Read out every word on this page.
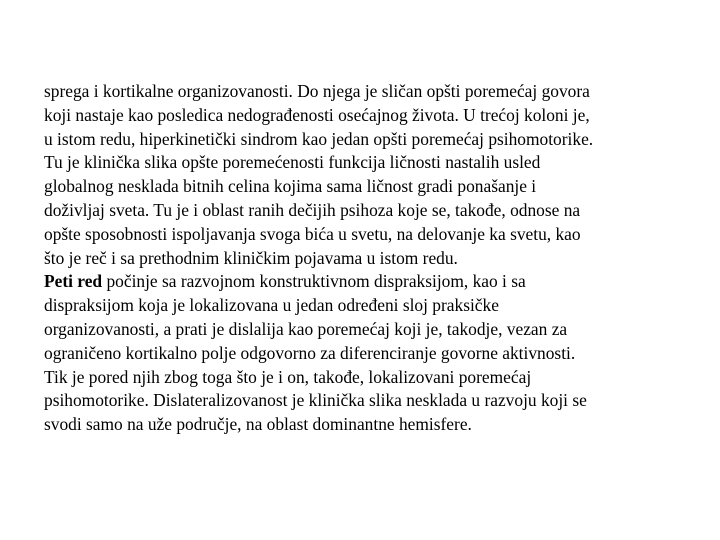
sprega i kortikalne organizovanosti. Do njega je sličan opšti poremećaj govora
koji nastaje kao posledica nedograđenosti osećajnog života. U trećoj koloni je,
u istom redu, hiperkinetički sindrom kao jedan opšti poremećaj psihomotorike.
Tu je klinička slika opšte poremećenosti funkcija ličnosti nastalih usled
globalnog nesklada bitnih celina kojima sama ličnost gradi ponašanje i
doživljaj sveta. Tu je i oblast ranih dečijih psihoza koje se, takođe, odnose na
opšte sposobnosti ispoljavanja svoga bića u svetu, na delovanje ka svetu, kao
što je reč i sa prethodnim kliničkim pojavama u istom redu.
Peti red počinje sa razvojnom konstruktivnom dispraksijom, kao i sa
dispraksijom koja je lokalizovana u jedan određeni sloj praksičke
organizovanosti, a prati je dislalija kao poremećaj koji je, takodje, vezan za
ograničeno kortikalno polje odgovorno za diferenciranje govorne aktivnosti.
Tik je pored njih zbog toga što je i on, takođe, lokalizovani poremećaj
psihomotorike. Dislateralizovanost je klinička slika nesklada u razvoju koji se
svodi samo na uže područje, na oblast dominantne hemisfere.
